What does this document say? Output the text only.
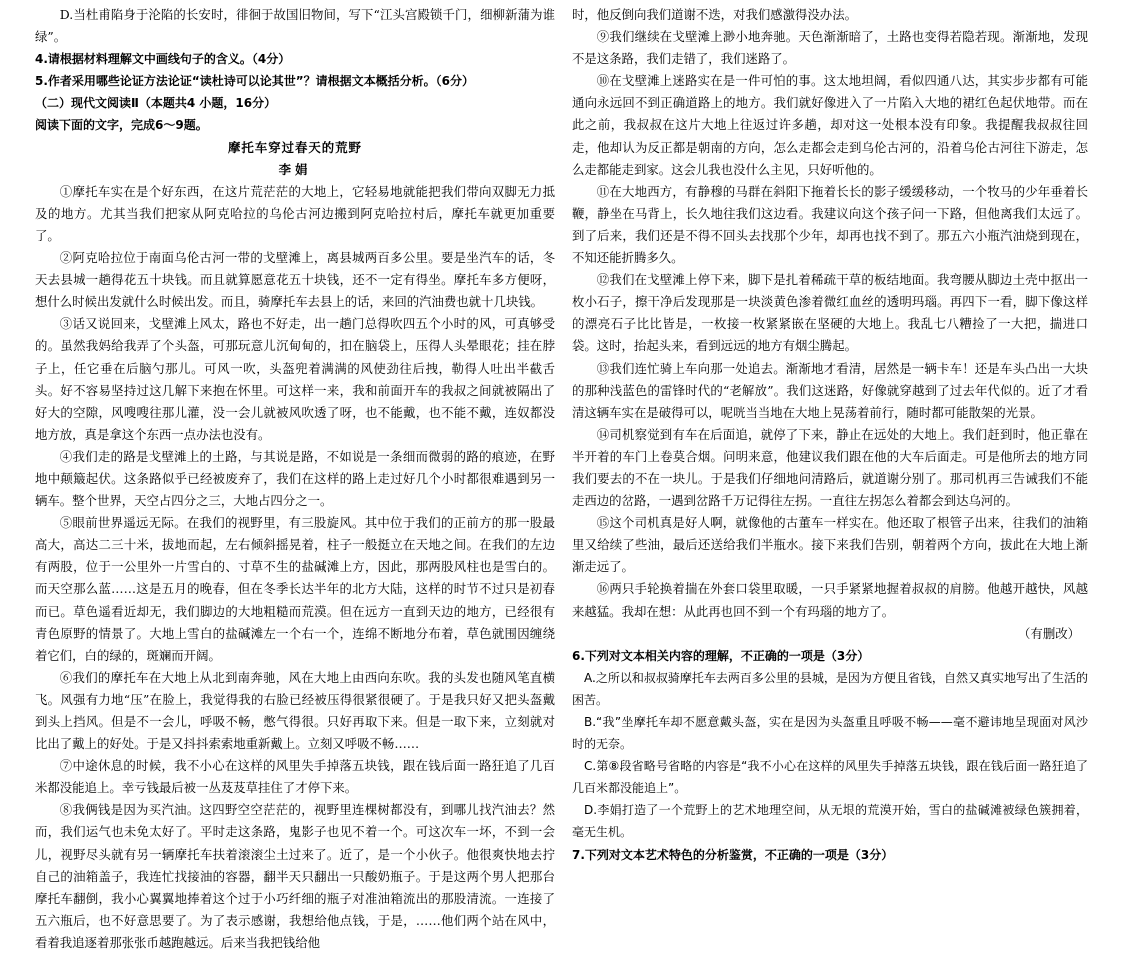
D.当杜甫陷身于沦陷的长安时，徘徊于故国旧物间，写下“江头宫殿锁千门，细柳新蒲为谁绿”。

4.请根据材料理解文中画线句子的含义。（4分）

5.作者采用哪些论证方法论证“读杜诗可以论其世”？请根据文本概括分析。（6分）

（二）现代文阅读Ⅱ（本题共4 小题，16分）

阅读下面的文字，完成6～9题。

摩托车穿过春天的荒野

李娟

①摩托车实在是个好东西，在这片荒茫茫的大地上，它轻易地就能把我们带向双脚无力抵及的地方。尤其当我们把家从阿克哈拉的乌伦古河边搬到阿克哈拉村后，摩托车就更加重要了。

②阿克哈拉位于南面乌伦古河一带的戈壁滩上，离县城两百多公里。要是坐汽车的话，冬天去县城一趟得花五十块钱。而且就算愿意花五十块钱，还不一定有得坐。摩托车多方便呀，想什么时候出发就什么时候出发。而且，骑摩托车去县上的话，来回的汽油费也就十几块钱。

③话又说回来，戈壁滩上风太，路也不好走，出一趟门总得吹四五个小时的风，可真够受的。虽然我妈给我弄了个头盔，可那玩意儿沉甸甸的，扣在脑袋上，压得人头晕眼花；挂在脖子上，任它垂在后脑勺那儿。可风一吹，头盔兜着满满的风使劲往后拽，勒得人吐出半截舌头。好不容易坚持过这几解下来抱在怀里。可这样一来，我和前面开车的我叔之间就被隔出了好大的空隙，风嗖嗖往那儿灌，没一会儿就被风吹透了呀，也不能戴，也不能不戴，连奴都没地方放，真是拿这个东西一点办法也没有。

④我们走的路是戈壁滩上的土路，与其说是路，不如说是一条细而微弱的路的痕迹，在野地中颠簸起伏。这条路似乎已经被废弃了，我们在这样的路上走过好几个小时都很难遇到另一辆车。整个世界，天空占四分之三，大地占四分之一。

⑤眼前世界遥远无际。在我们的视野里，有三股旋风。其中位于我们的正前方的那一股最高大，高达二三十米，拔地而起，左右倾斜摇晃着，柱子一般挺立在天地之间。在我们的左边有两股，位于一公里外一片雪白的、寸草不生的盐碱滩上方，因此，那两股风柱也是雪白的。而天空那么蓝……这是五月的晚春，但在冬季长达半年的北方大陆，这样的时节不过只是初春而已。草色遥看近却无，我们脚边的大地粗糙而荒漠。但在远方一直到天边的地方，已经很有青色原野的情景了。大地上雪白的盐碱滩左一个右一个，连绵不断地分布着，草色就围因缠绕着它们，白的绿的，斑斓而开阔。

⑥我们的摩托车在大地上从北到南奔驰，风在大地上由西向东吹。我的头发也随风笔直横飞。风强有力地“压”在脸上，我觉得我的右脸已经被压得很紧很硬了。于是我只好又把头盔戴到头上挡风。但是不一会儿，呼吸不畅，憋气得很。只好再取下来。但是一取下来，立刻就对比出了戴上的好处。于是又抖抖索索地重新戴上。立刻又呼吸不畅……

⑦中途休息的时候，我不小心在这样的风里失手掉落五块钱，跟在钱后面一路狂追了几百米都没能追上。幸亏钱最后被一丛芨芨草挂住了才停下来。

⑧我俩钱是因为买汽油。这四野空空茫茫的，视野里连棵树都没有，到哪儿找汽油去？然而，我们运气也未免太好了。平时走这条路，鬼影子也见不着一个。可这次车一坏，不到一会儿，视野尽头就有另一辆摩托车扶着滚滚尘土过来了。近了，是一个小伙子。他很爽快地去拧自己的油箱盖子，我连忙找接油的容器，翻半天只翻出一只酸奶瓶子。于是这两个男人把那台摩托车翻倒，我小心翼翼地捧着这个过于小巧纤细的瓶子对准油箱流出的那股清流。一连接了五六瓶后，也不好意思要了。为了表示感谢，我想给他点钱，于是，……他们两个站在风中，看着我追逐着那张张币越跑越远。后来当我把钱给他

时，他反倒向我们道谢不迭，对我们感激得没办法。

⑨我们继续在戈壁滩上渺小地奔驰。天色渐渐暗了，土路也变得若隐若现。渐渐地，发现不是这条路，我们走错了，我们迷路了。

⑩在戈壁滩上迷路实在是一件可怕的事。这太地坦阔，看似四通八达，其实步步都有可能通向永远回不到正确道路上的地方。我们就好像进入了一片陷入大地的裙红色起伏地带。而在此之前，我叔叔在这片大地上往返过许多趟，却对这一处根本没有印象。我提醒我叔叔往回走，他却认为反正都是朝南的方向，怎么走都会走到乌伦古河的，沿着乌伦古河往下游走，怎么走都能走到家。这会儿我也没什么主见，只好听他的。

⑪在大地西方，有静穆的马群在斜阳下拖着长长的影子缓缓移动，一个牧马的少年垂着长鞭，静坐在马背上，长久地往我们这边看。我建议向这个孩子问一下路，但他离我们太远了。到了后来，我们还是不得不回头去找那个少年，却再也找不到了。那五六小瓶汽油烧到现在，不知还能折腾多久。

⑫我们在戈壁滩上停下来，脚下是扎着稀疏干草的板结地面。我弯腰从脚边土壳中抠出一枚小石子，擦干净后发现那是一块淡黄色渗着微红血丝的透明玛瑙。再四下一看，脚下像这样的漂亮石子比比皆是，一枚接一枚紧紧嵌在坚硬的大地上。我乱七八糟捡了一大把，揣进口袋。这时，抬起头来，看到远远的地方有烟尘腾起。

⑬我们连忙骑上车向那一处追去。渐渐地才看清，居然是一辆卡车！还是车头凸出一大块的那种浅蓝色的雷锋时代的“老解放”。我们这迷路，好像就穿越到了过去年代似的。近了才看清这辆车实在是破得可以，呢咣当当地在大地上晃荡着前行，随时都可能散架的光景。

⑭司机察觉到有车在后面追，就停了下来，静止在远处的大地上。我们赶到时，他正靠在半开着的车门上卷莫合烟。问明来意，他建议我们跟在他的大车后面走。可是他所去的地方同我们要去的不在一块儿。于是我们仔细地问清路后，就道谢分别了。那司机再三告诫我们不能走西边的岔路，一遇到岔路千万记得往左拐。一直往左拐怎么着都会到达乌河的。

⑮这个司机真是好人啊，就像他的古董车一样实在。他还取了根管子出来，往我们的油箱里又给续了些油，最后还送给我们半瓶水。接下来我们告别，朝着两个方向，拔此在大地上渐渐走远了。

⑯两只手轮换着揣在外套口袋里取暖，一只手紧紧地握着叔叔的肩膀。他越开越快，风越来越猛。我却在想：从此再也回不到一个有玛瑙的地方了。

（有删改）

6.下列对文本相关内容的理解，不正确的一项是（3分）

A.之所以和叔叔骑摩托车去两百多公里的县城，是因为方便且省钱，自然又真实地写出了生活的困苦。

B.“我”坐摩托车却不愿意戴头盔，实在是因为头盔重且呼吸不畅——毫不避讳地呈现面对风沙时的无奈。

C.第⑧段省略号省略的内容是“我不小心在这样的风里失手掉落五块钱，跟在钱后面一路狂追了几百米都没能追上”。

D.李娟打造了一个荒野上的艺术地理空间，从无垠的荒漠开始，雪白的盐碱滩被绿色簇拥着，毫无生机。

7.下列对文本艺术特色的分析鉴赏，不正确的一项是（3分）
